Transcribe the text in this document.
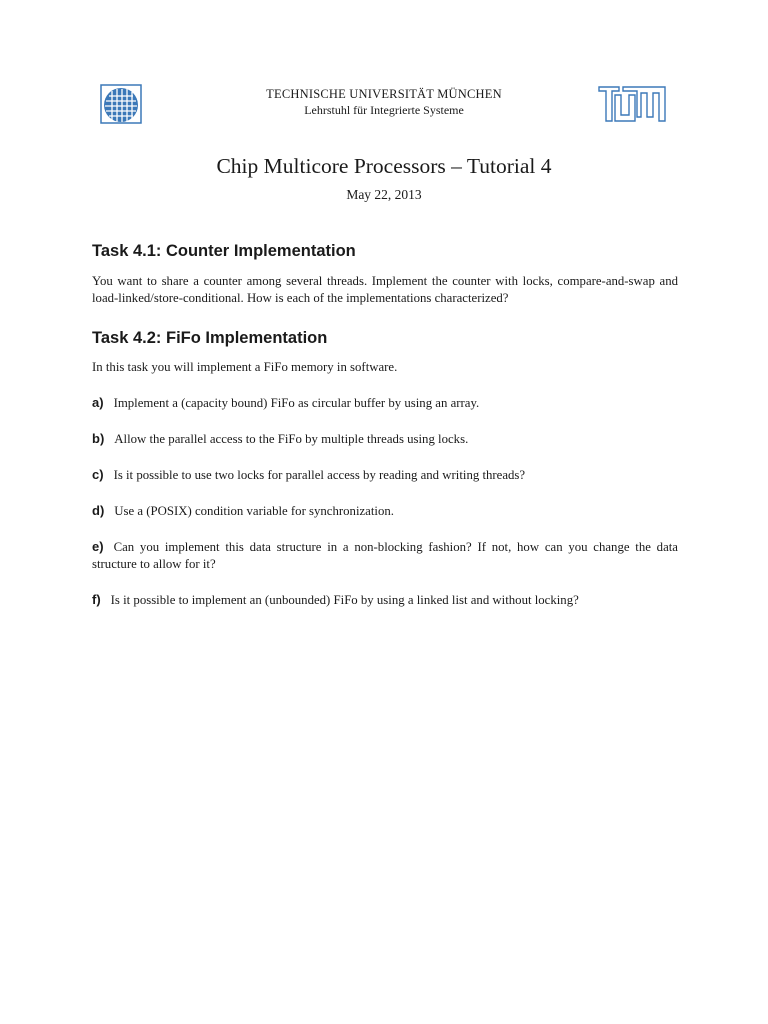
TECHNISCHE UNIVERSITÄT MÜNCHEN
Lehrstuhl für Integrierte Systeme
Chip Multicore Processors – Tutorial 4
May 22, 2013
Task 4.1: Counter Implementation

You want to share a counter among several threads. Implement the counter with locks, compare-and-swap and load-linked/store-conditional. How is each of the implementations characterized?

Task 4.2: FiFo Implementation

In this task you will implement a FiFo memory in software.

a) Implement a (capacity bound) FiFo as circular buffer by using an array.

b) Allow the parallel access to the FiFo by multiple threads using locks.

c) Is it possible to use two locks for parallel access by reading and writing threads?

d) Use a (POSIX) condition variable for synchronization.

e) Can you implement this data structure in a non-blocking fashion? If not, how can you change the data structure to allow for it?

f) Is it possible to implement an (unbounded) FiFo by using a linked list and without locking?
